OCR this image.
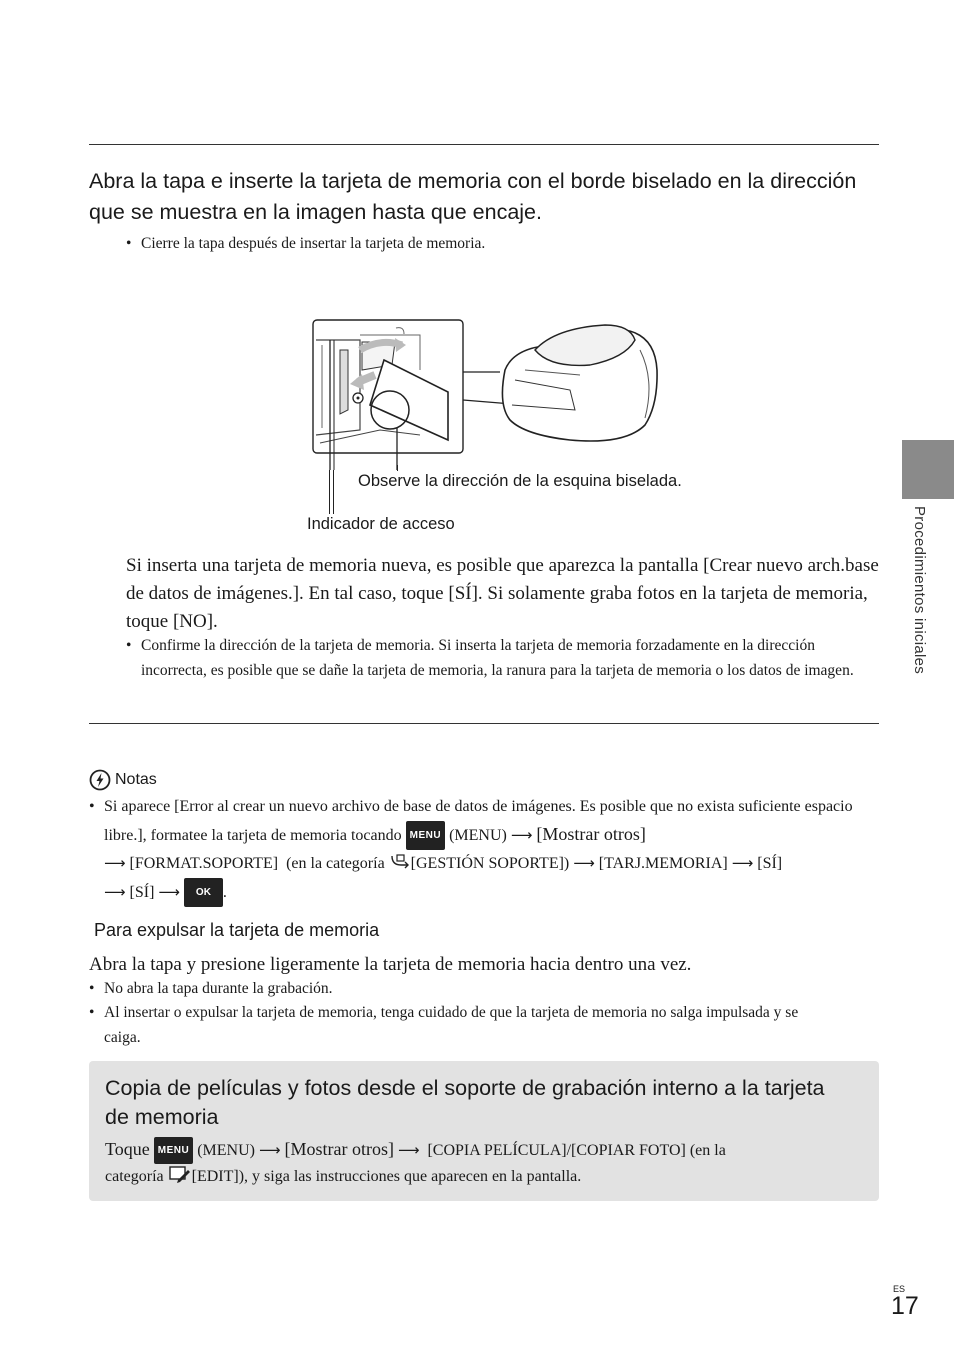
Abra la tapa e inserte la tarjeta de memoria con el borde biselado en la dirección que se muestra en la imagen hasta que encaje.
• Cierre la tapa después de insertar la tarjeta de memoria.
Observe la dirección de la esquina biselada.
Indicador de acceso
Si inserta una tarjeta de memoria nueva, es posible que aparezca la pantalla [Crear nuevo arch.base de datos de imágenes.]. En tal caso, toque [SÍ]. Si solamente graba fotos en la tarjeta de memoria, toque [NO].
• Confirme la dirección de la tarjeta de memoria. Si inserta la tarjeta de memoria forzadamente en la dirección incorrecta, es posible que se dañe la tarjeta de memoria, la ranura para la tarjeta de memoria o los datos de imagen.
Notas
• Si aparece [Error al crear un nuevo archivo de base de datos de imágenes. Es posible que no exista suficiente espacio libre.], formatee la tarjeta de memoria tocando MENU (MENU) ⟶ [Mostrar otros]
⟶ [FORMAT.SOPORTE] (en la categoría [GESTIÓN SOPORTE]) ⟶ [TARJ.MEMORIA] ⟶ [SÍ]
⟶ [SÍ] ⟶ OK .
Para expulsar la tarjeta de memoria
Abra la tapa y presione ligeramente la tarjeta de memoria hacia dentro una vez.
• No abra la tapa durante la grabación.
• Al insertar o expulsar la tarjeta de memoria, tenga cuidado de que la tarjeta de memoria no salga impulsada y se caiga.
Copia de películas y fotos desde el soporte de grabación interno a la tarjeta de memoria
Toque MENU (MENU) ⟶ [Mostrar otros] ⟶ [COPIA PELÍCULA]/[COPIAR FOTO] (en la
categoría [EDIT]), y siga las instrucciones que aparecen en la pantalla.
Procedimientos iniciales
ES
17
